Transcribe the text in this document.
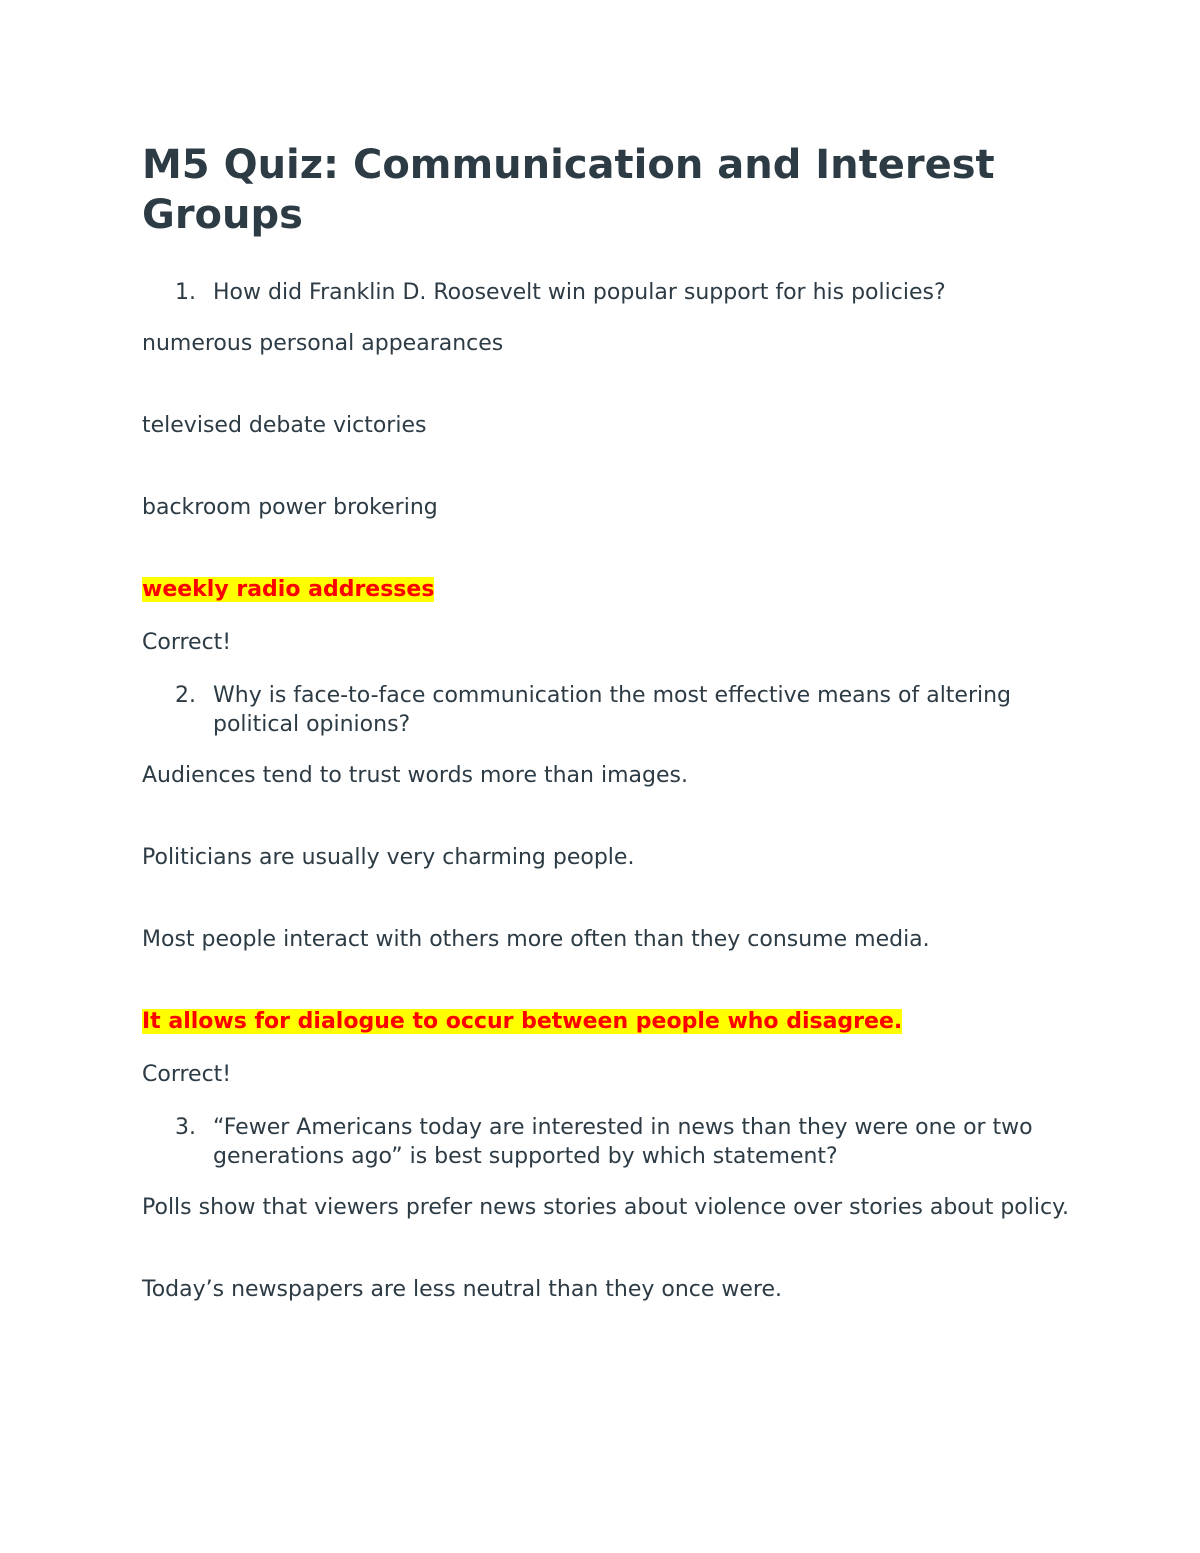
M5 Quiz: Communication and Interest Groups
1. How did Franklin D. Roosevelt win popular support for his policies?
numerous personal appearances
televised debate victories
backroom power brokering
weekly radio addresses
Correct!
2. Why is face-to-face communication the most effective means of altering political opinions?
Audiences tend to trust words more than images.
Politicians are usually very charming people.
Most people interact with others more often than they consume media.
It allows for dialogue to occur between people who disagree.
Correct!
3. “Fewer Americans today are interested in news than they were one or two generations ago” is best supported by which statement?
Polls show that viewers prefer news stories about violence over stories about policy.
Today’s newspapers are less neutral than they once were.
